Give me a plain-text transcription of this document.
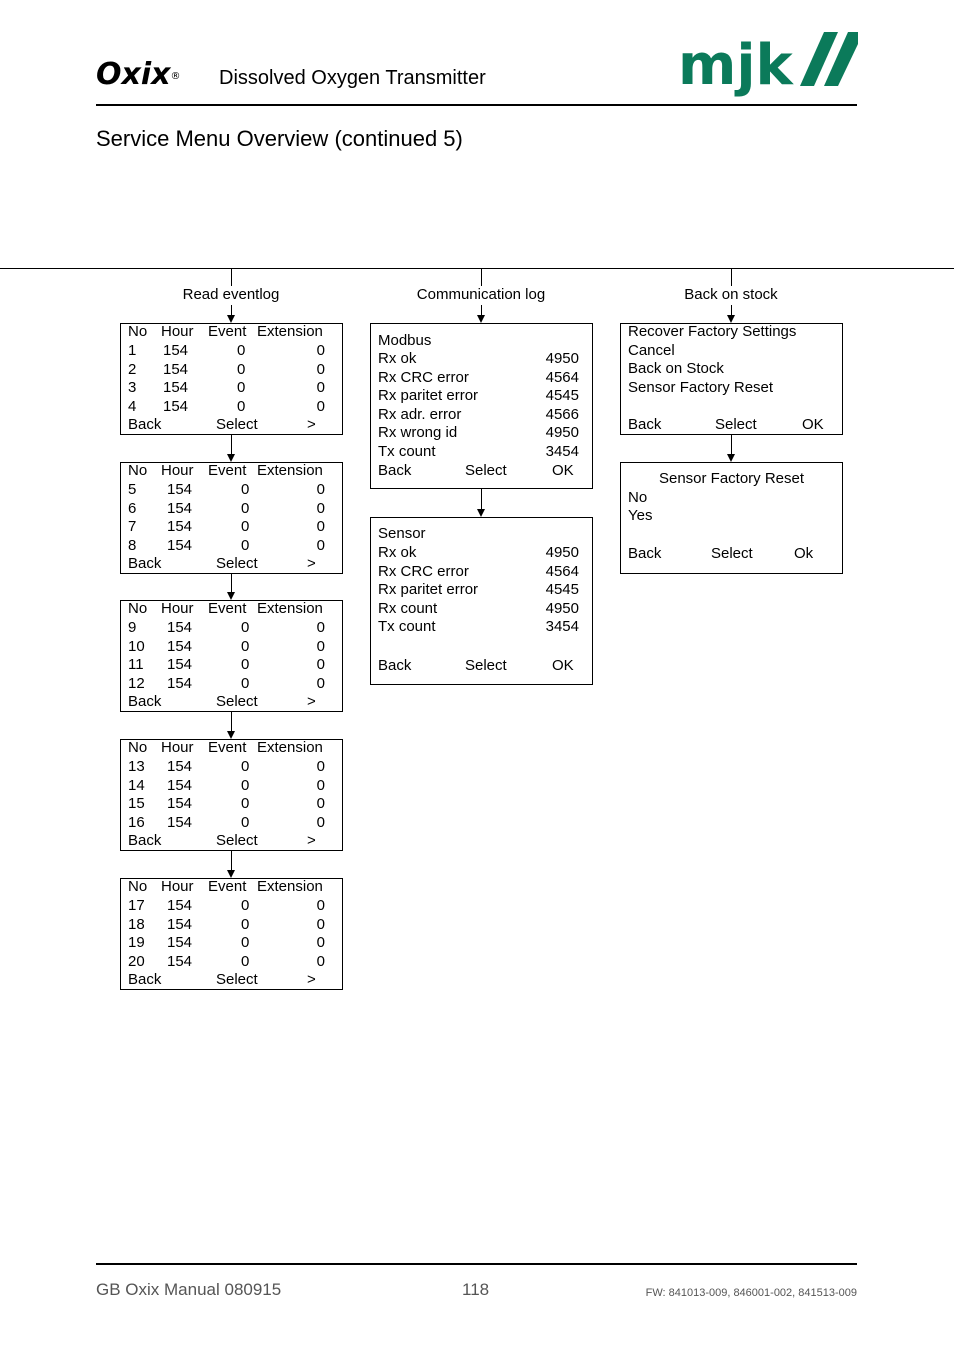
Oxix® Dissolved Oxygen Transmitter	mjk
Service Menu Overview (continued 5)
Read eventlog	Communication log	Back on stock
No Hour Event Extension
1 154	0	0
2 154	0	0
3 154	0	0
4 154	0	0
Back	Select	>
No Hour Event Extension
5 154	0	0
6 154	0	0
7 154	0	0
8 154	0	0
Back	Select	>
No Hour Event Extension
9 154	0	0
10 154	0	0
11 154	0	0
12 154	0	0
Back	Select	>
No Hour Event Extension
13 154	0	0
14 154	0	0
15 154	0	0
16 154	0	0
Back	Select	>
No Hour Event Extension
17 154	0	0
18 154	0	0
19 154	0	0
20 154	0	0
Back	Select	>
Modbus
Rx ok	4950
Rx CRC error	4564
Rx paritet error	4545
Rx adr. error	4566
Rx wrong id	4950
Tx count	3454
Back	Select	OK
Sensor
Rx ok	4950
Rx CRC error	4564
Rx paritet error	4545
Rx count	4950
Tx count	3454
Back	Select	OK
Recover Factory Settings
Cancel
Back on Stock
Sensor Factory Reset
Back	Select	OK
Sensor Factory Reset
No
Yes
Back	Select	Ok
GB Oxix Manual 080915	118	FW: 841013-009, 846001-002, 841513-009
